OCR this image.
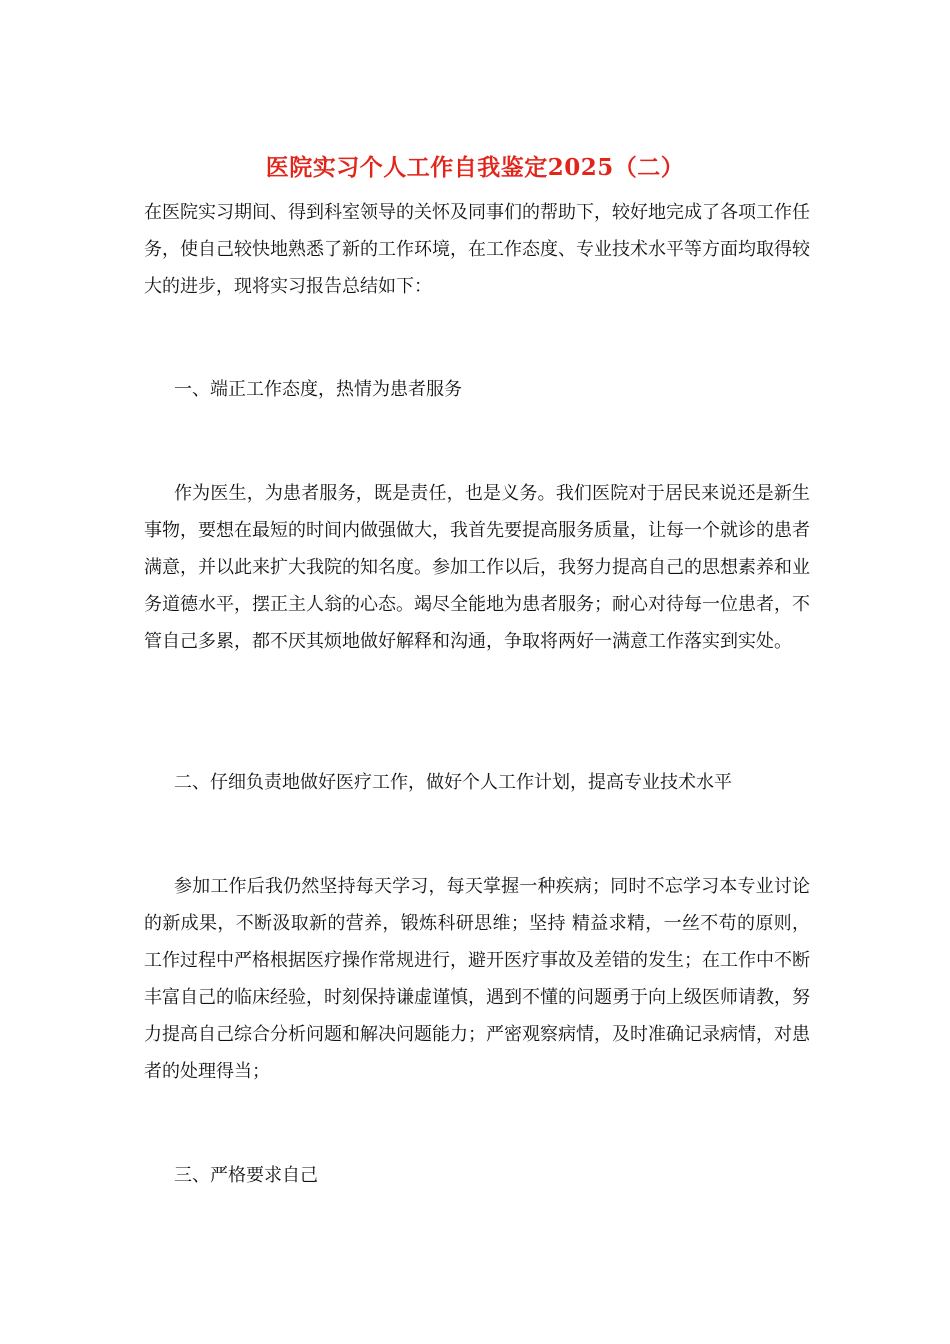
医院实习个人工作自我鉴定2025（二）

在医院实习期间、得到科室领导的关怀及同事们的帮助下，较好地完成了各项工作任务，使自己较快地熟悉了新的工作环境，在工作态度、专业技术水平等方面均取得较大的进步，现将实习报告总结如下：

一、端正工作态度，热情为患者服务

作为医生，为患者服务，既是责任，也是义务。我们医院对于居民来说还是新生事物，要想在最短的时间内做强做大，我首先要提高服务质量，让每一个就诊的患者满意，并以此来扩大我院的知名度。参加工作以后，我努力提高自己的思想素养和业务道德水平，摆正主人翁的心态。竭尽全能地为患者服务；耐心对待每一位患者，不管自己多累，都不厌其烦地做好解释和沟通，争取将两好一满意工作落实到实处。

二、仔细负责地做好医疗工作，做好个人工作计划，提高专业技术水平

参加工作后我仍然坚持每天学习，每天掌握一种疾病；同时不忘学习本专业讨论的新成果，不断汲取新的营养，锻炼科研思维；坚持 精益求精，一丝不苟的原则，工作过程中严格根据医疗操作常规进行，避开医疗事故及差错的发生；在工作中不断丰富自己的临床经验，时刻保持谦虚谨慎，遇到不懂的问题勇于向上级医师请教，努力提高自己综合分析问题和解决问题能力；严密观察病情，及时准确记录病情，对患者的处理得当；

三、严格要求自己
